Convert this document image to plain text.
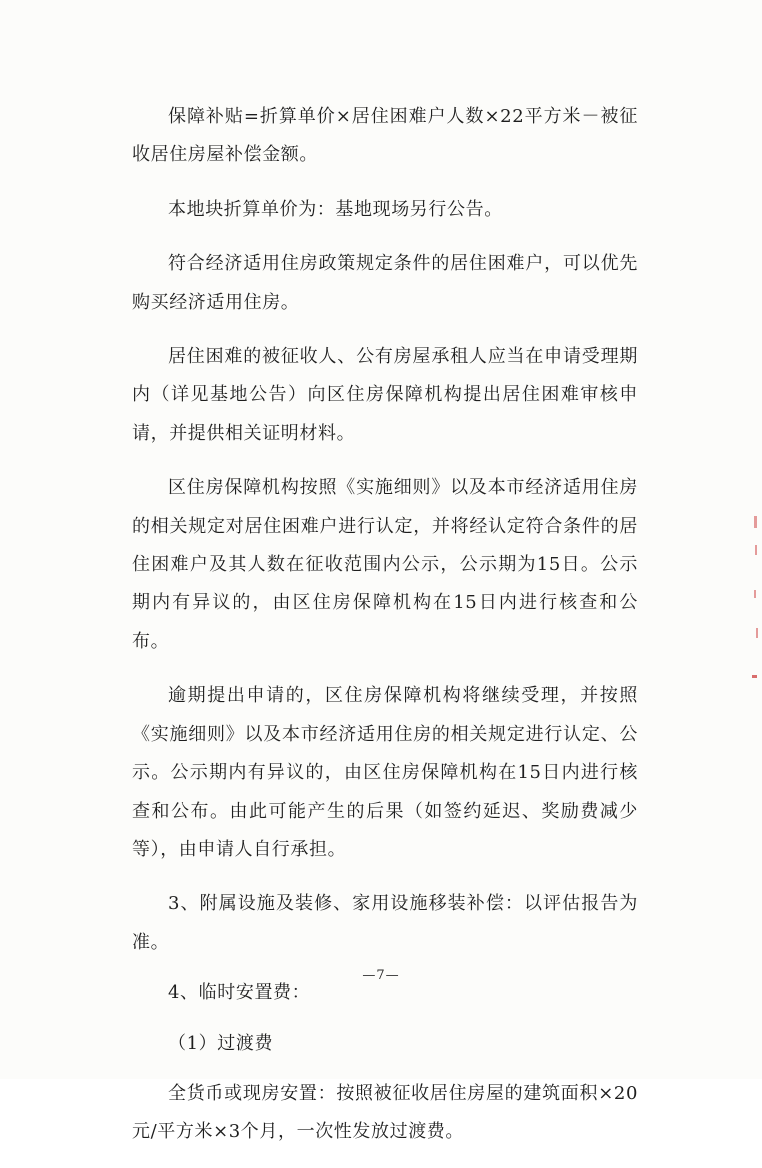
保障补贴=折算单价×居住困难户人数×22平方米－被征收居住房屋补偿金额。

本地块折算单价为：基地现场另行公告。

符合经济适用住房政策规定条件的居住困难户，可以优先购买经济适用住房。

居住困难的被征收人、公有房屋承租人应当在申请受理期内（详见基地公告）向区住房保障机构提出居住困难审核申请，并提供相关证明材料。

区住房保障机构按照《实施细则》以及本市经济适用住房的相关规定对居住困难户进行认定，并将经认定符合条件的居住困难户及其人数在征收范围内公示，公示期为15日。公示期内有异议的，由区住房保障机构在15日内进行核查和公布。

逾期提出申请的，区住房保障机构将继续受理，并按照《实施细则》以及本市经济适用住房的相关规定进行认定、公示。公示期内有异议的，由区住房保障机构在15日内进行核查和公布。由此可能产生的后果（如签约延迟、奖励费减少等），由申请人自行承担。

3、附属设施及装修、家用设施移装补偿：以评估报告为准。

4、临时安置费：

（1）过渡费

全货币或现房安置：按照被征收居住房屋的建筑面积×20元/平方米×3个月，一次性发放过渡费。

—7—
